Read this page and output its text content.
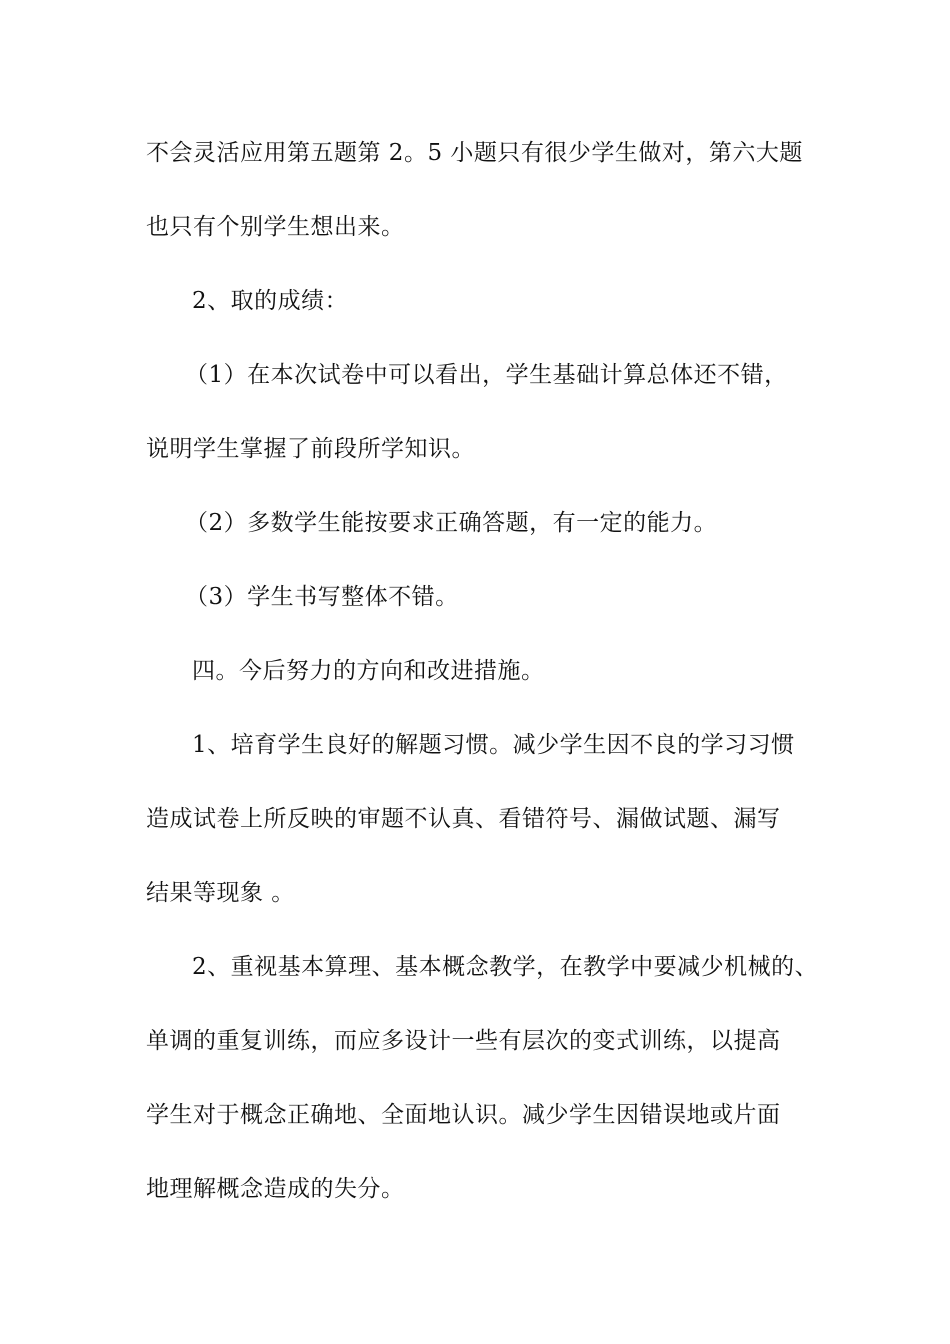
不会灵活应用第五题第 2。5 小题只有很少学生做对，第六大题
也只有个别学生想出来。
2、取的成绩：
（1）在本次试卷中可以看出，学生基础计算总体还不错，
说明学生掌握了前段所学知识。
（2）多数学生能按要求正确答题，有一定的能力。
（3）学生书写整体不错。
四。今后努力的方向和改进措施。
1、培育学生良好的解题习惯。减少学生因不良的学习习惯
造成试卷上所反映的审题不认真、看错符号、漏做试题、漏写
结果等现象 。
2、重视基本算理、基本概念教学，在教学中要减少机械的、
单调的重复训练，而应多设计一些有层次的变式训练，以提高
学生对于概念正确地、全面地认识。减少学生因错误地或片面
地理解概念造成的失分。
